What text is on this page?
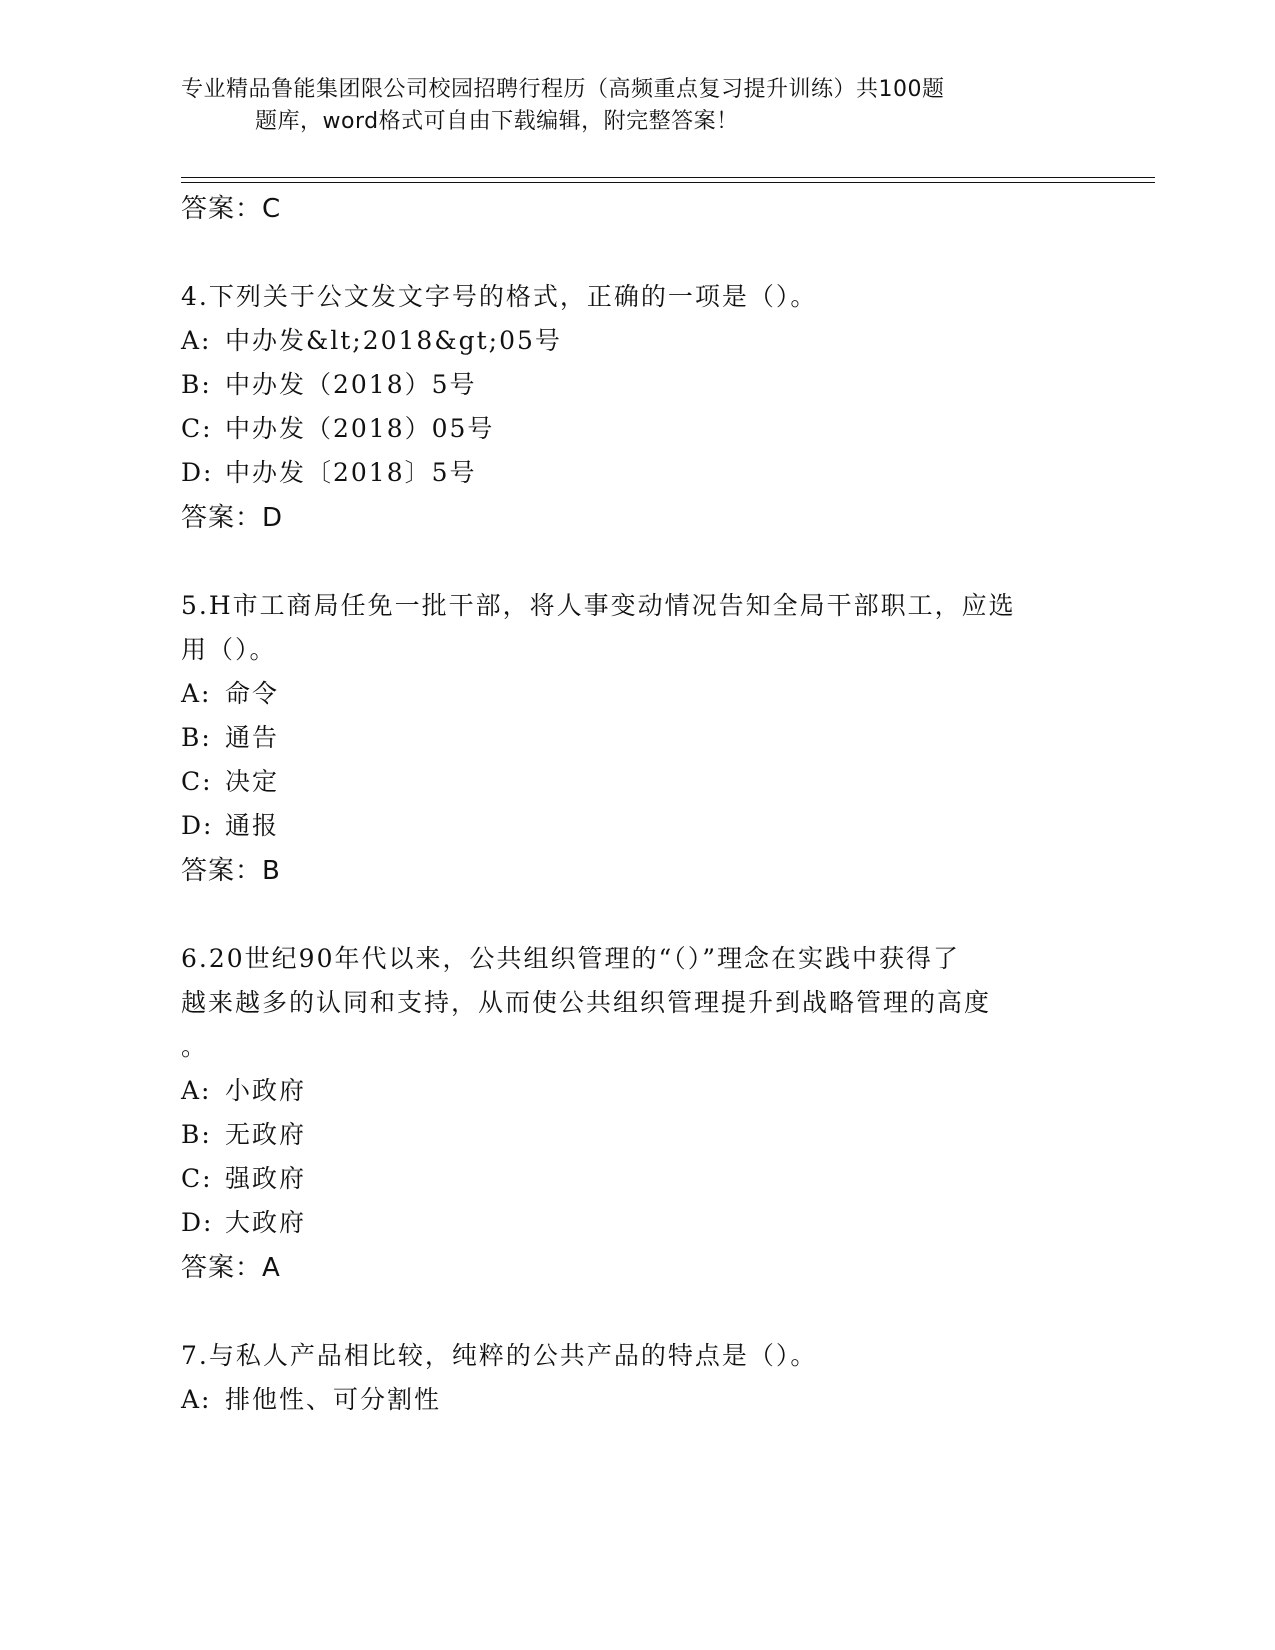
专业精品鲁能集团限公司校园招聘行程历（高频重点复习提升训练）共100题
题库，word格式可自由下载编辑，附完整答案！
答案：C
4.下列关于公文发文字号的格式，正确的一项是（）。
A: 中办发&lt;2018&gt;05号
B: 中办发（2018）5号
C: 中办发（2018）05号
D: 中办发〔2018〕5号
答案：D
5.H市工商局任免一批干部，将人事变动情况告知全局干部职工，应选
用（）。
A: 命令
B: 通告
C: 决定
D: 通报
答案：B
6.20世纪90年代以来，公共组织管理的“（）”理念在实践中获得了
越来越多的认同和支持，从而使公共组织管理提升到战略管理的高度
。
A: 小政府
B: 无政府
C: 强政府
D: 大政府
答案：A
7.与私人产品相比较，纯粹的公共产品的特点是（）。
A: 排他性、可分割性
